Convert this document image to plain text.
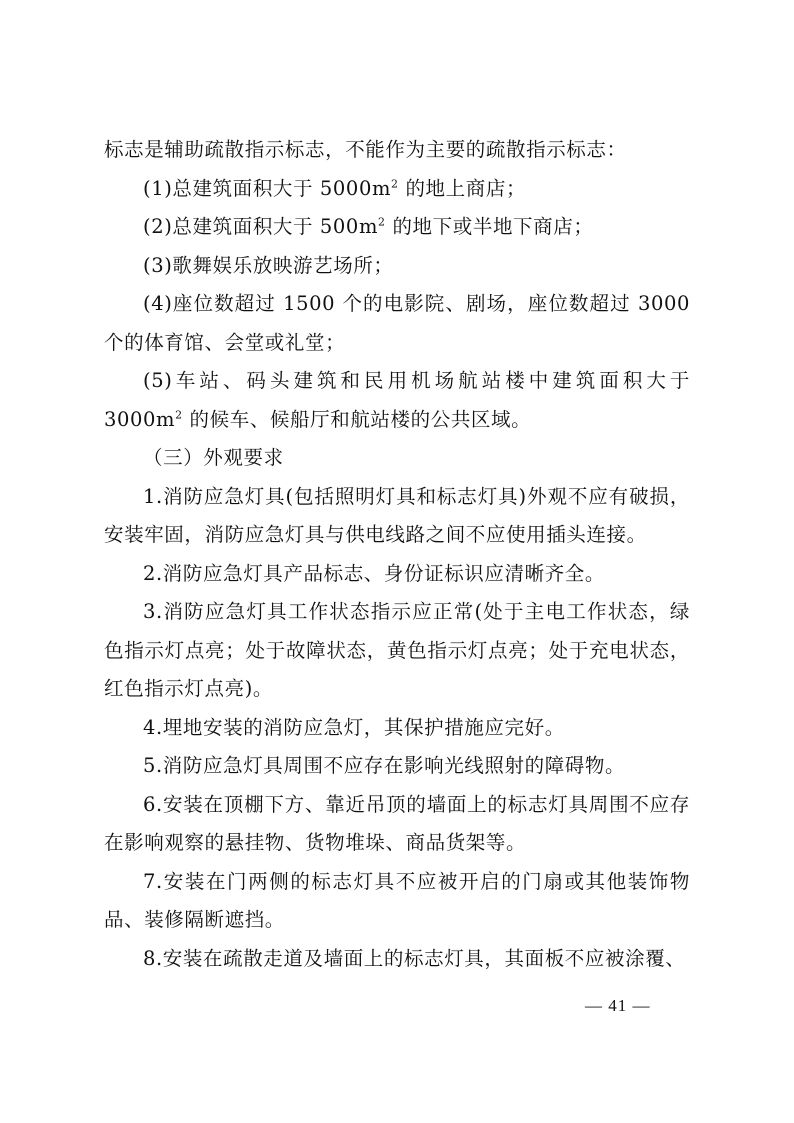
标志是辅助疏散指示标志，不能作为主要的疏散指示标志：

(1)总建筑面积大于 $5000m^2$ 的地上商店；

(2)总建筑面积大于 $500m^2$ 的地下或半地下商店；

(3)歌舞娱乐放映游艺场所；

(4)座位数超过 1500 个的电影院、剧场，座位数超过 3000 个的体育馆、会堂或礼堂；

(5)车站、码头建筑和民用机场航站楼中建筑面积大于$3000m^2$ 的候车、候船厅和航站楼的公共区域。

（三）外观要求

1.消防应急灯具(包括照明灯具和标志灯具)外观不应有破损，安装牢固，消防应急灯具与供电线路之间不应使用插头连接。

2.消防应急灯具产品标志、身份证标识应清晰齐全。

3.消防应急灯具工作状态指示应正常(处于主电工作状态，绿色指示灯点亮；处于故障状态，黄色指示灯点亮；处于充电状态，红色指示灯点亮)。

4.埋地安装的消防应急灯，其保护措施应完好。

5.消防应急灯具周围不应存在影响光线照射的障碍物。

6.安装在顶棚下方、靠近吊顶的墙面上的标志灯具周围不应存在影响观察的悬挂物、货物堆垛、商品货架等。

7.安装在门两侧的标志灯具不应被开启的门扇或其他装饰物品、装修隔断遮挡。

8.安装在疏散走道及墙面上的标志灯具，其面板不应被涂覆、

— 41 —
